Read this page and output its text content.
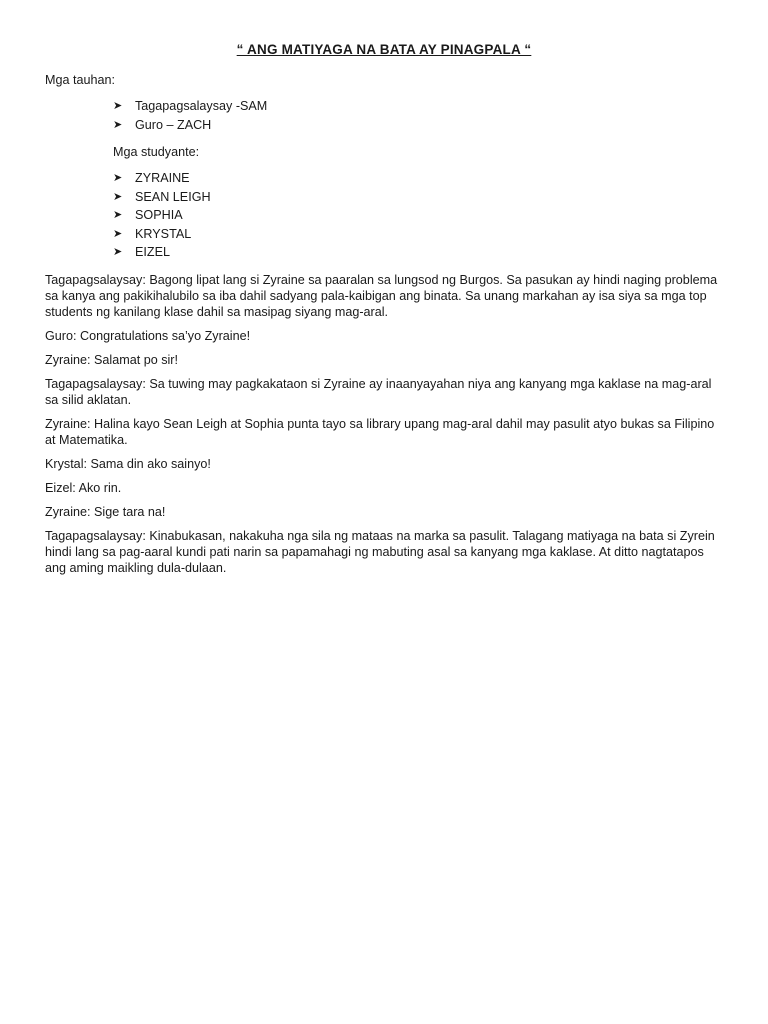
“ ANG MATIYAGA NA BATA AY PINAGPALA “
Mga tauhan:
➤ Tagapagsalaysay -SAM
➤ Guro – ZACH
Mga studyante:
➤ ZYRAINE
➤ SEAN LEIGH
➤ SOPHIA
➤ KRYSTAL
➤ EIZEL

Tagapagsalaysay: Bagong lipat lang si Zyraine sa paaralan sa lungsod ng Burgos. Sa pasukan ay hindi naging problema sa kanya ang pakikihalubilo sa iba dahil sadyang pala-kaibigan ang binata. Sa unang markahan ay isa siya sa mga top students ng kanilang klase dahil sa masipag siyang mag-aral.

Guro: Congratulations sa’yo Zyraine!

Zyraine: Salamat po sir!

Tagapagsalaysay: Sa tuwing may pagkakataon si Zyraine ay inaanyayahan niya ang kanyang mga kaklase na mag-aral sa silid aklatan.

Zyraine: Halina kayo Sean Leigh at Sophia punta tayo sa library upang mag-aral dahil may pasulit atyo bukas sa Filipino at Matematika.

Krystal: Sama din ako sainyo!

Eizel: Ako rin.

Zyraine: Sige tara na!

Tagapagsalaysay: Kinabukasan, nakakuha nga sila ng mataas na marka sa pasulit. Talagang matiyaga na bata si Zyrein hindi lang sa pag-aaral kundi pati narin sa papamahagi ng mabuting asal sa kanyang mga kaklase. At ditto nagtatapos ang aming maikling dula-dulaan.
